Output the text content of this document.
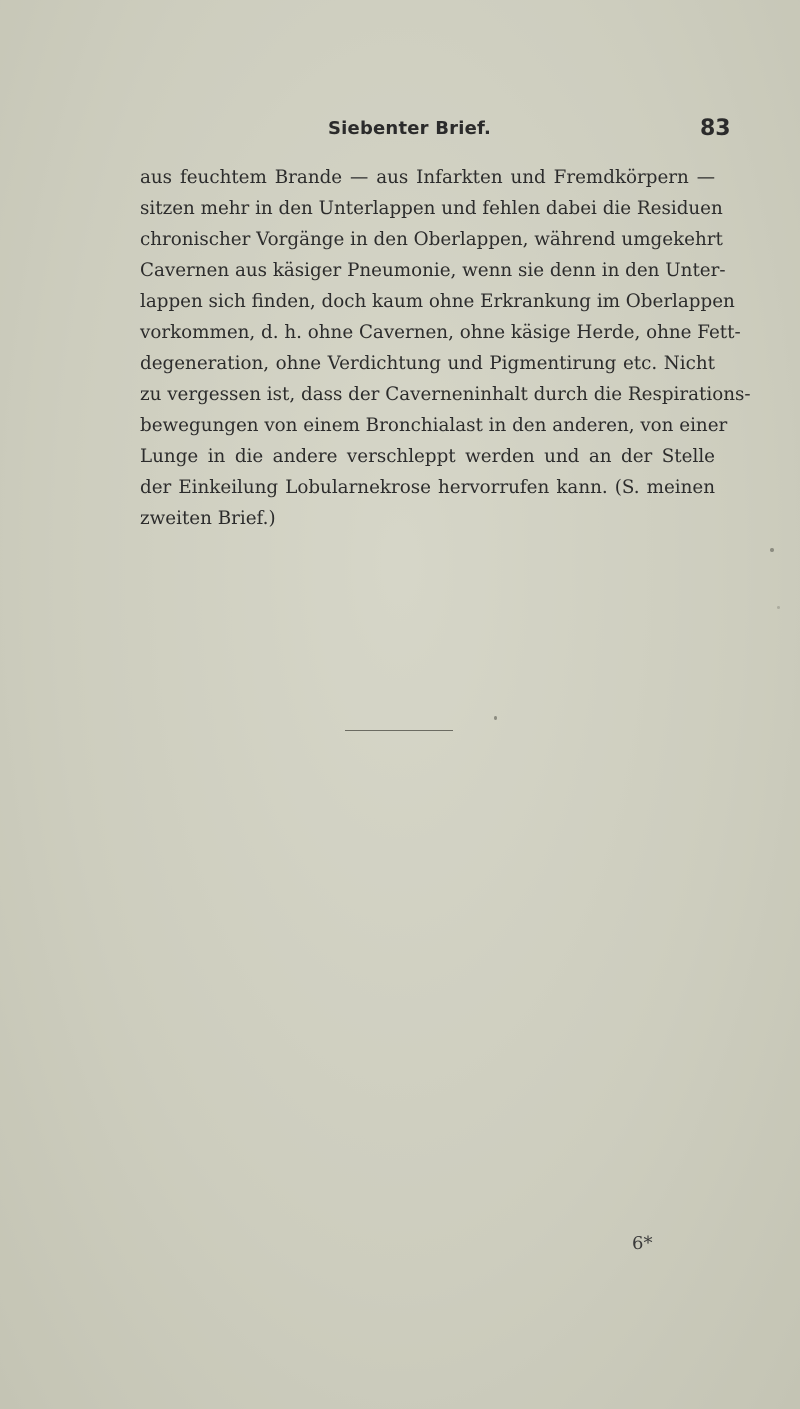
Siebenter Brief.	83
aus feuchtem Brande — aus Infarkten und Fremdkörpern —
sitzen mehr in den Unterlappen und fehlen dabei die Residuen
chronischer Vorgänge in den Oberlappen, während umgekehrt
Cavernen aus käsiger Pneumonie, wenn sie denn in den Unter-
lappen sich finden, doch kaum ohne Erkrankung im Oberlappen
vorkommen, d. h. ohne Cavernen, ohne käsige Herde, ohne Fett-
degeneration, ohne Verdichtung und Pigmentirung etc. Nicht
zu vergessen ist, dass der Caverneninhalt durch die Respirations-
bewegungen von einem Bronchialast in den anderen, von einer
Lunge in die andere verschleppt werden und an der Stelle
der Einkeilung Lobularnekrose hervorrufen kann. (S. meinen
zweiten Brief.)
6*
